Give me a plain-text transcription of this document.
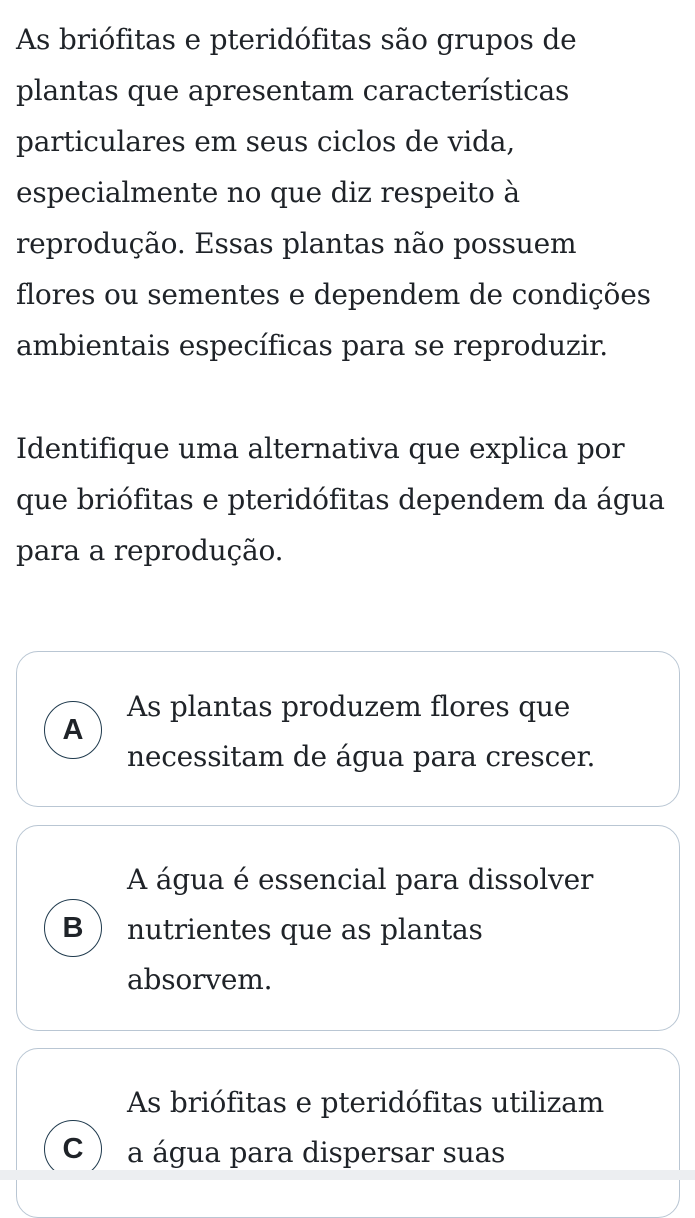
As briófitas e pteridófitas são grupos de
plantas que apresentam características
particulares em seus ciclos de vida,
especialmente no que diz respeito à
reprodução. Essas plantas não possuem
flores ou sementes e dependem de condições
ambientais específicas para se reproduzir.

Identifique uma alternativa que explica por
que briófitas e pteridófitas dependem da água
para a reprodução.

A
As plantas produzem flores que
necessitam de água para crescer.
B
A água é essencial para dissolver
nutrientes que as plantas
absorvem.
C
As briófitas e pteridófitas utilizam
a água para dispersar suas
